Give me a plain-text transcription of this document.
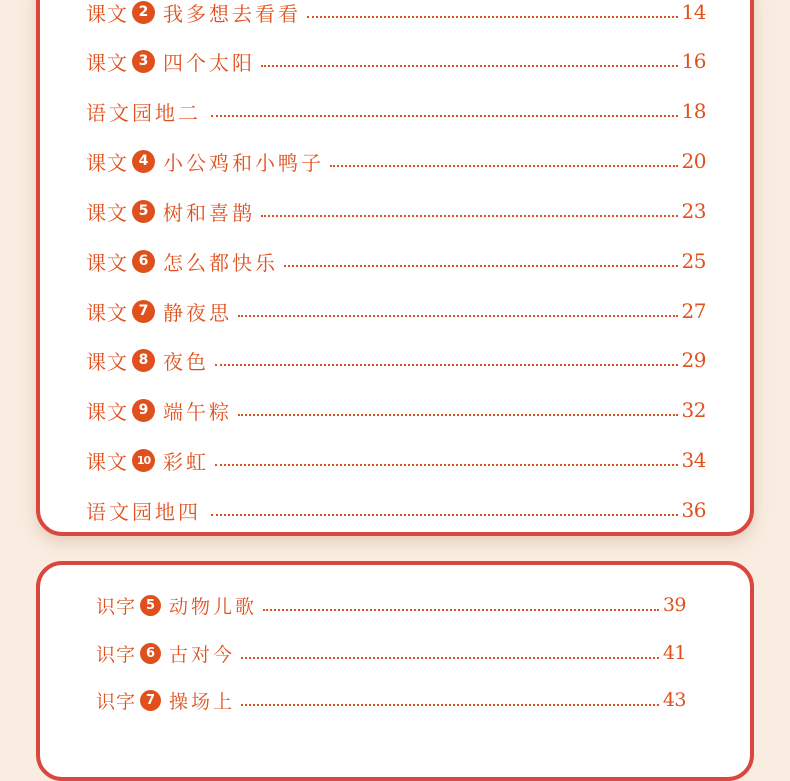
课文 2 我多想去看看	14
课文 3 四个太阳	16
语文园地二	18
课文 4 小公鸡和小鸭子	20
课文 5 树和喜鹊	23
课文 6 怎么都快乐	25
课文 7 静夜思	27
课文 8 夜色	29
课文 9 端午粽	32
课文 10 彩虹	34
语文园地四	36
识字 5 动物儿歌	39
识字 6 古对今	41
识字 7 操场上	43
